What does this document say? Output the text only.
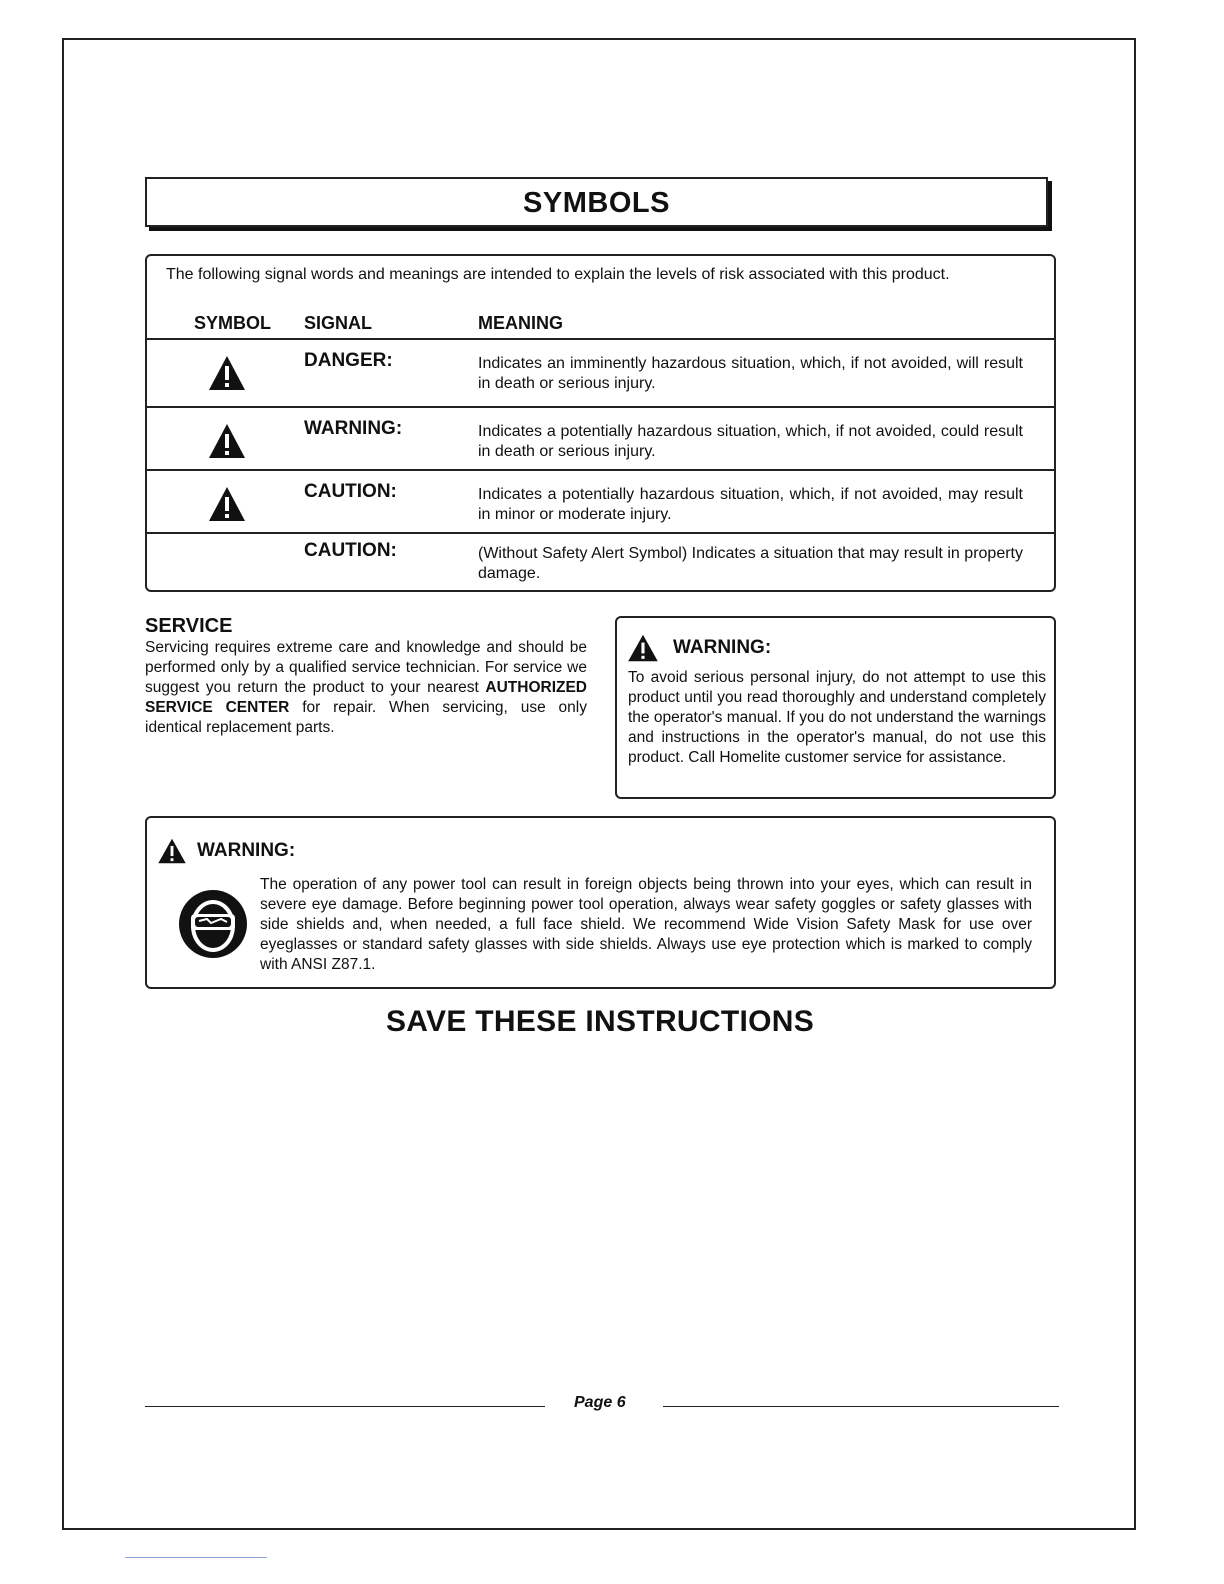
SYMBOLS
The following signal words and meanings are intended to explain the levels of risk associated with this product.
SYMBOL SIGNAL	MEANING
DANGER:	Indicates an imminently hazardous situation, which, if not avoided, will result in death or serious injury.
WARNING:	Indicates a potentially hazardous situation, which, if not avoided, could result in death or serious injury.
CAUTION:	Indicates a potentially hazardous situation, which, if not avoided, may result in minor or moderate injury.
CAUTION:	(Without Safety Alert Symbol) Indicates a situation that may result in property damage.
SERVICE

Servicing requires extreme care and knowledge and should be performed only by a qualified service technician. For service we suggest you return the product to your nearest AUTHORIZED SERVICE CENTER for repair. When servicing, use only identical replacement parts.

WARNING:

To avoid serious personal injury, do not attempt to use this product until you read thoroughly and understand completely the operator's manual. If you do not understand the warnings and instructions in the operator's manual, do not use this product. Call Homelite customer service for assistance.

WARNING:

The operation of any power tool can result in foreign objects being thrown into your eyes, which can result in severe eye damage. Before beginning power tool operation, always wear safety goggles or safety glasses with side shields and, when needed, a full face shield. We recommend Wide Vision Safety Mask for use over eyeglasses or standard safety glasses with side shields. Always use eye protection which is marked to comply with ANSI Z87.1.

SAVE THESE INSTRUCTIONS
Page 6
